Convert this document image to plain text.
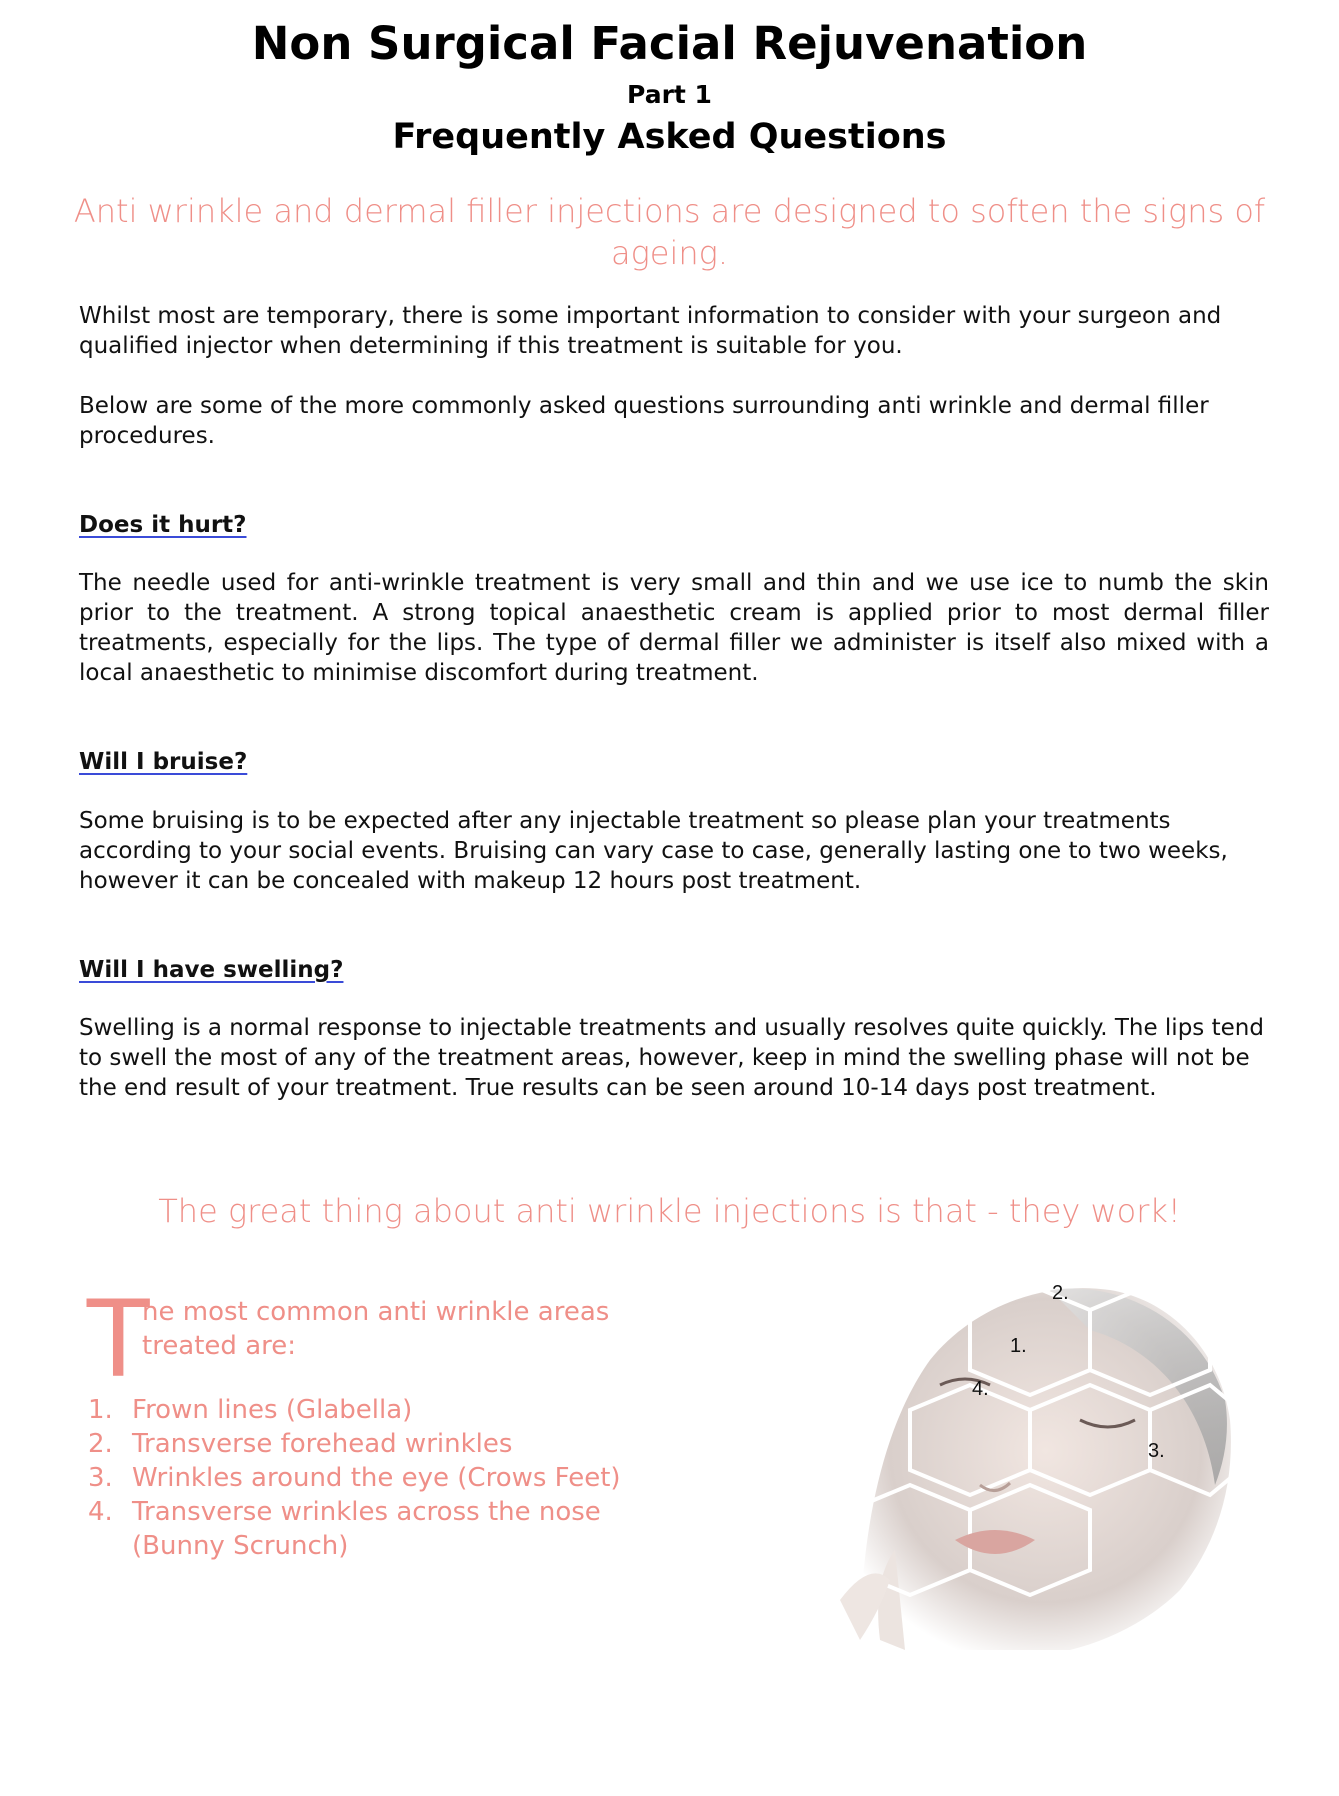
Non Surgical Facial Rejuvenation
Part 1
Frequently Asked Questions
Anti wrinkle and dermal filler injections are designed to soften the signs of ageing.
Whilst most are temporary, there is some important information to consider with your surgeon and qualified injector when determining if this treatment is suitable for you.
Below are some of the more commonly asked questions surrounding anti wrinkle and dermal filler procedures.
Does it hurt?
The needle used for anti-wrinkle treatment is very small and thin and we use ice to numb the skin prior to the treatment. A strong topical anaesthetic cream is applied prior to most dermal filler treatments, especially for the lips. The type of dermal filler we administer is itself also mixed with a local anaesthetic to minimise discomfort during treatment.
Will I bruise?
Some bruising is to be expected after any injectable treatment so please plan your treatments according to your social events. Bruising can vary case to case, generally lasting one to two weeks, however it can be concealed with makeup 12 hours post treatment.
Will I have swelling?
Swelling is a normal response to injectable treatments and usually resolves quite quickly. The lips tend to swell the most of any of the treatment areas, however, keep in mind the swelling phase will not be the end result of your treatment. True results can be seen around 10-14 days post treatment.
The great thing about anti wrinkle injections is that - they work!
T
he most common anti wrinkle areas treated are:
1. Frown lines (Glabella)
2. Transverse forehead wrinkles
3. Wrinkles around the eye (Crows Feet)
4. Transverse wrinkles across the nose (Bunny Scrunch)
2.
1.
4.
3.
